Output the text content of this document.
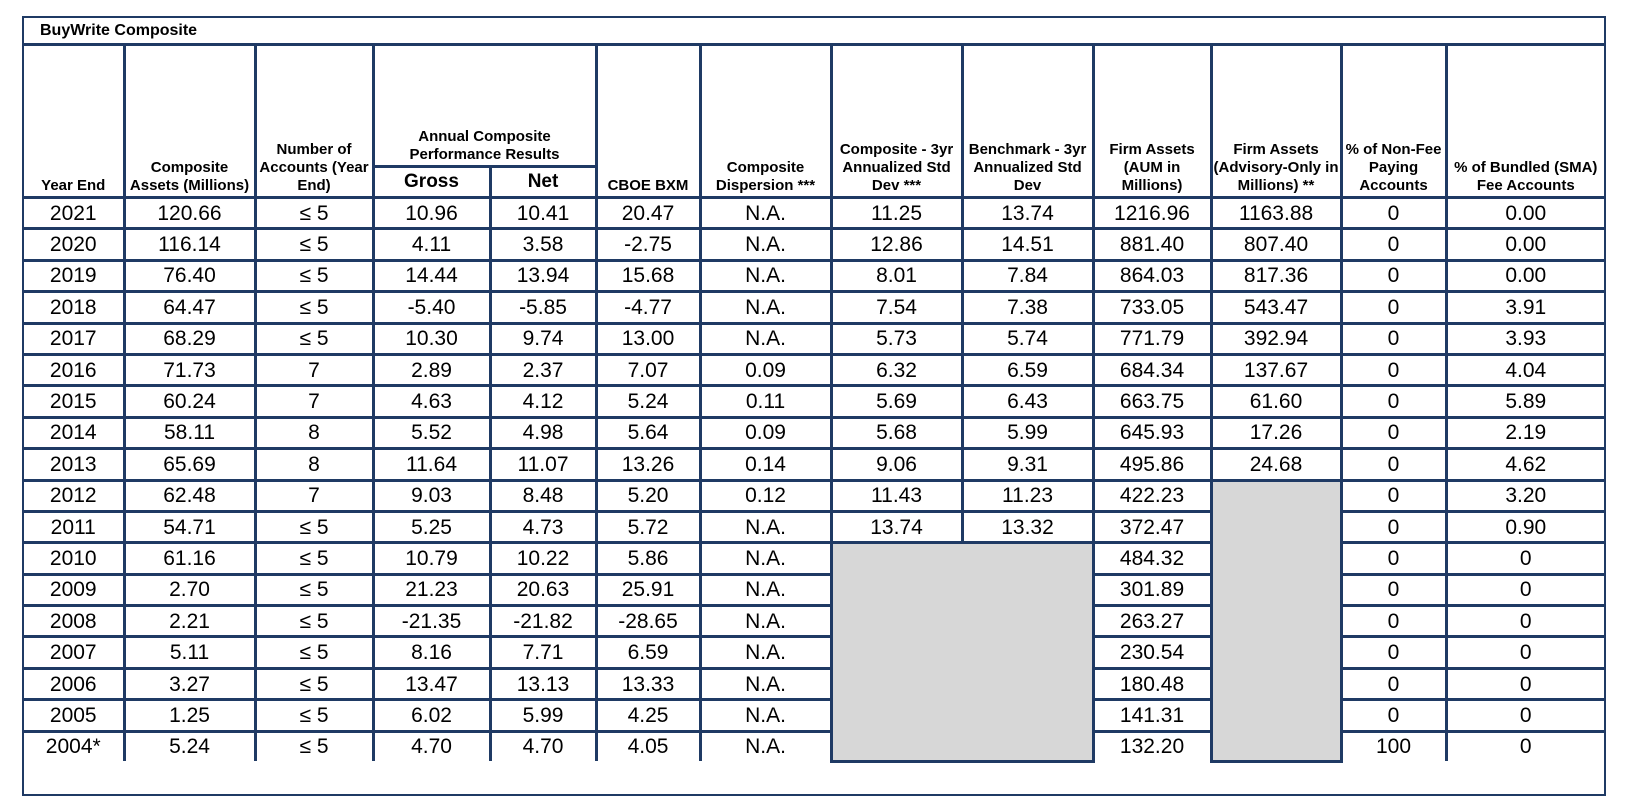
BuyWrite Composite
Year End	Composite Assets (Millions)	Number of Accounts (Year End)	Annual Composite Performance Results		CBOE BXM	Composite Dispersion ***	Composite - 3yr Annualized Std Dev ***	Benchmark - 3yr Annualized Std Dev	Firm Assets (AUM in Millions)	Firm Assets (Advisory-Only in Millions) **	% of Non-Fee Paying Accounts	% of Bundled (SMA) Fee Accounts
			Gross	Net								
2021	120.66	≤ 5	10.96	10.41	20.47	N.A.	11.25	13.74	1216.96	1163.88	0	0.00
2020	116.14	≤ 5	4.11	3.58	-2.75	N.A.	12.86	14.51	881.40	807.40	0	0.00
2019	76.40	≤ 5	14.44	13.94	15.68	N.A.	8.01	7.84	864.03	817.36	0	0.00
2018	64.47	≤ 5	-5.40	-5.85	-4.77	N.A.	7.54	7.38	733.05	543.47	0	3.91
2017	68.29	≤ 5	10.30	9.74	13.00	N.A.	5.73	5.74	771.79	392.94	0	3.93
2016	71.73	7	2.89	2.37	7.07	0.09	6.32	6.59	684.34	137.67	0	4.04
2015	60.24	7	4.63	4.12	5.24	0.11	5.69	6.43	663.75	61.60	0	5.89
2014	58.11	8	5.52	4.98	5.64	0.09	5.68	5.99	645.93	17.26	0	2.19
2013	65.69	8	11.64	11.07	13.26	0.14	9.06	9.31	495.86	24.68	0	4.62
2012	62.48	7	9.03	8.48	5.20	0.12	11.43	11.23	422.23		0	3.20
2011	54.71	≤ 5	5.25	4.73	5.72	N.A.	13.74	13.32	372.47		0	0.90
2010	61.16	≤ 5	10.79	10.22	5.86	N.A.			484.32		0	0
2009	2.70	≤ 5	21.23	20.63	25.91	N.A.			301.89		0	0
2008	2.21	≤ 5	-21.35	-21.82	-28.65	N.A.			263.27		0	0
2007	5.11	≤ 5	8.16	7.71	6.59	N.A.			230.54		0	0
2006	3.27	≤ 5	13.47	13.13	13.33	N.A.			180.48		0	0
2005	1.25	≤ 5	6.02	5.99	4.25	N.A.			141.31		0	0
2004*	5.24	≤ 5	4.70	4.70	4.05	N.A.			132.20		100	0
